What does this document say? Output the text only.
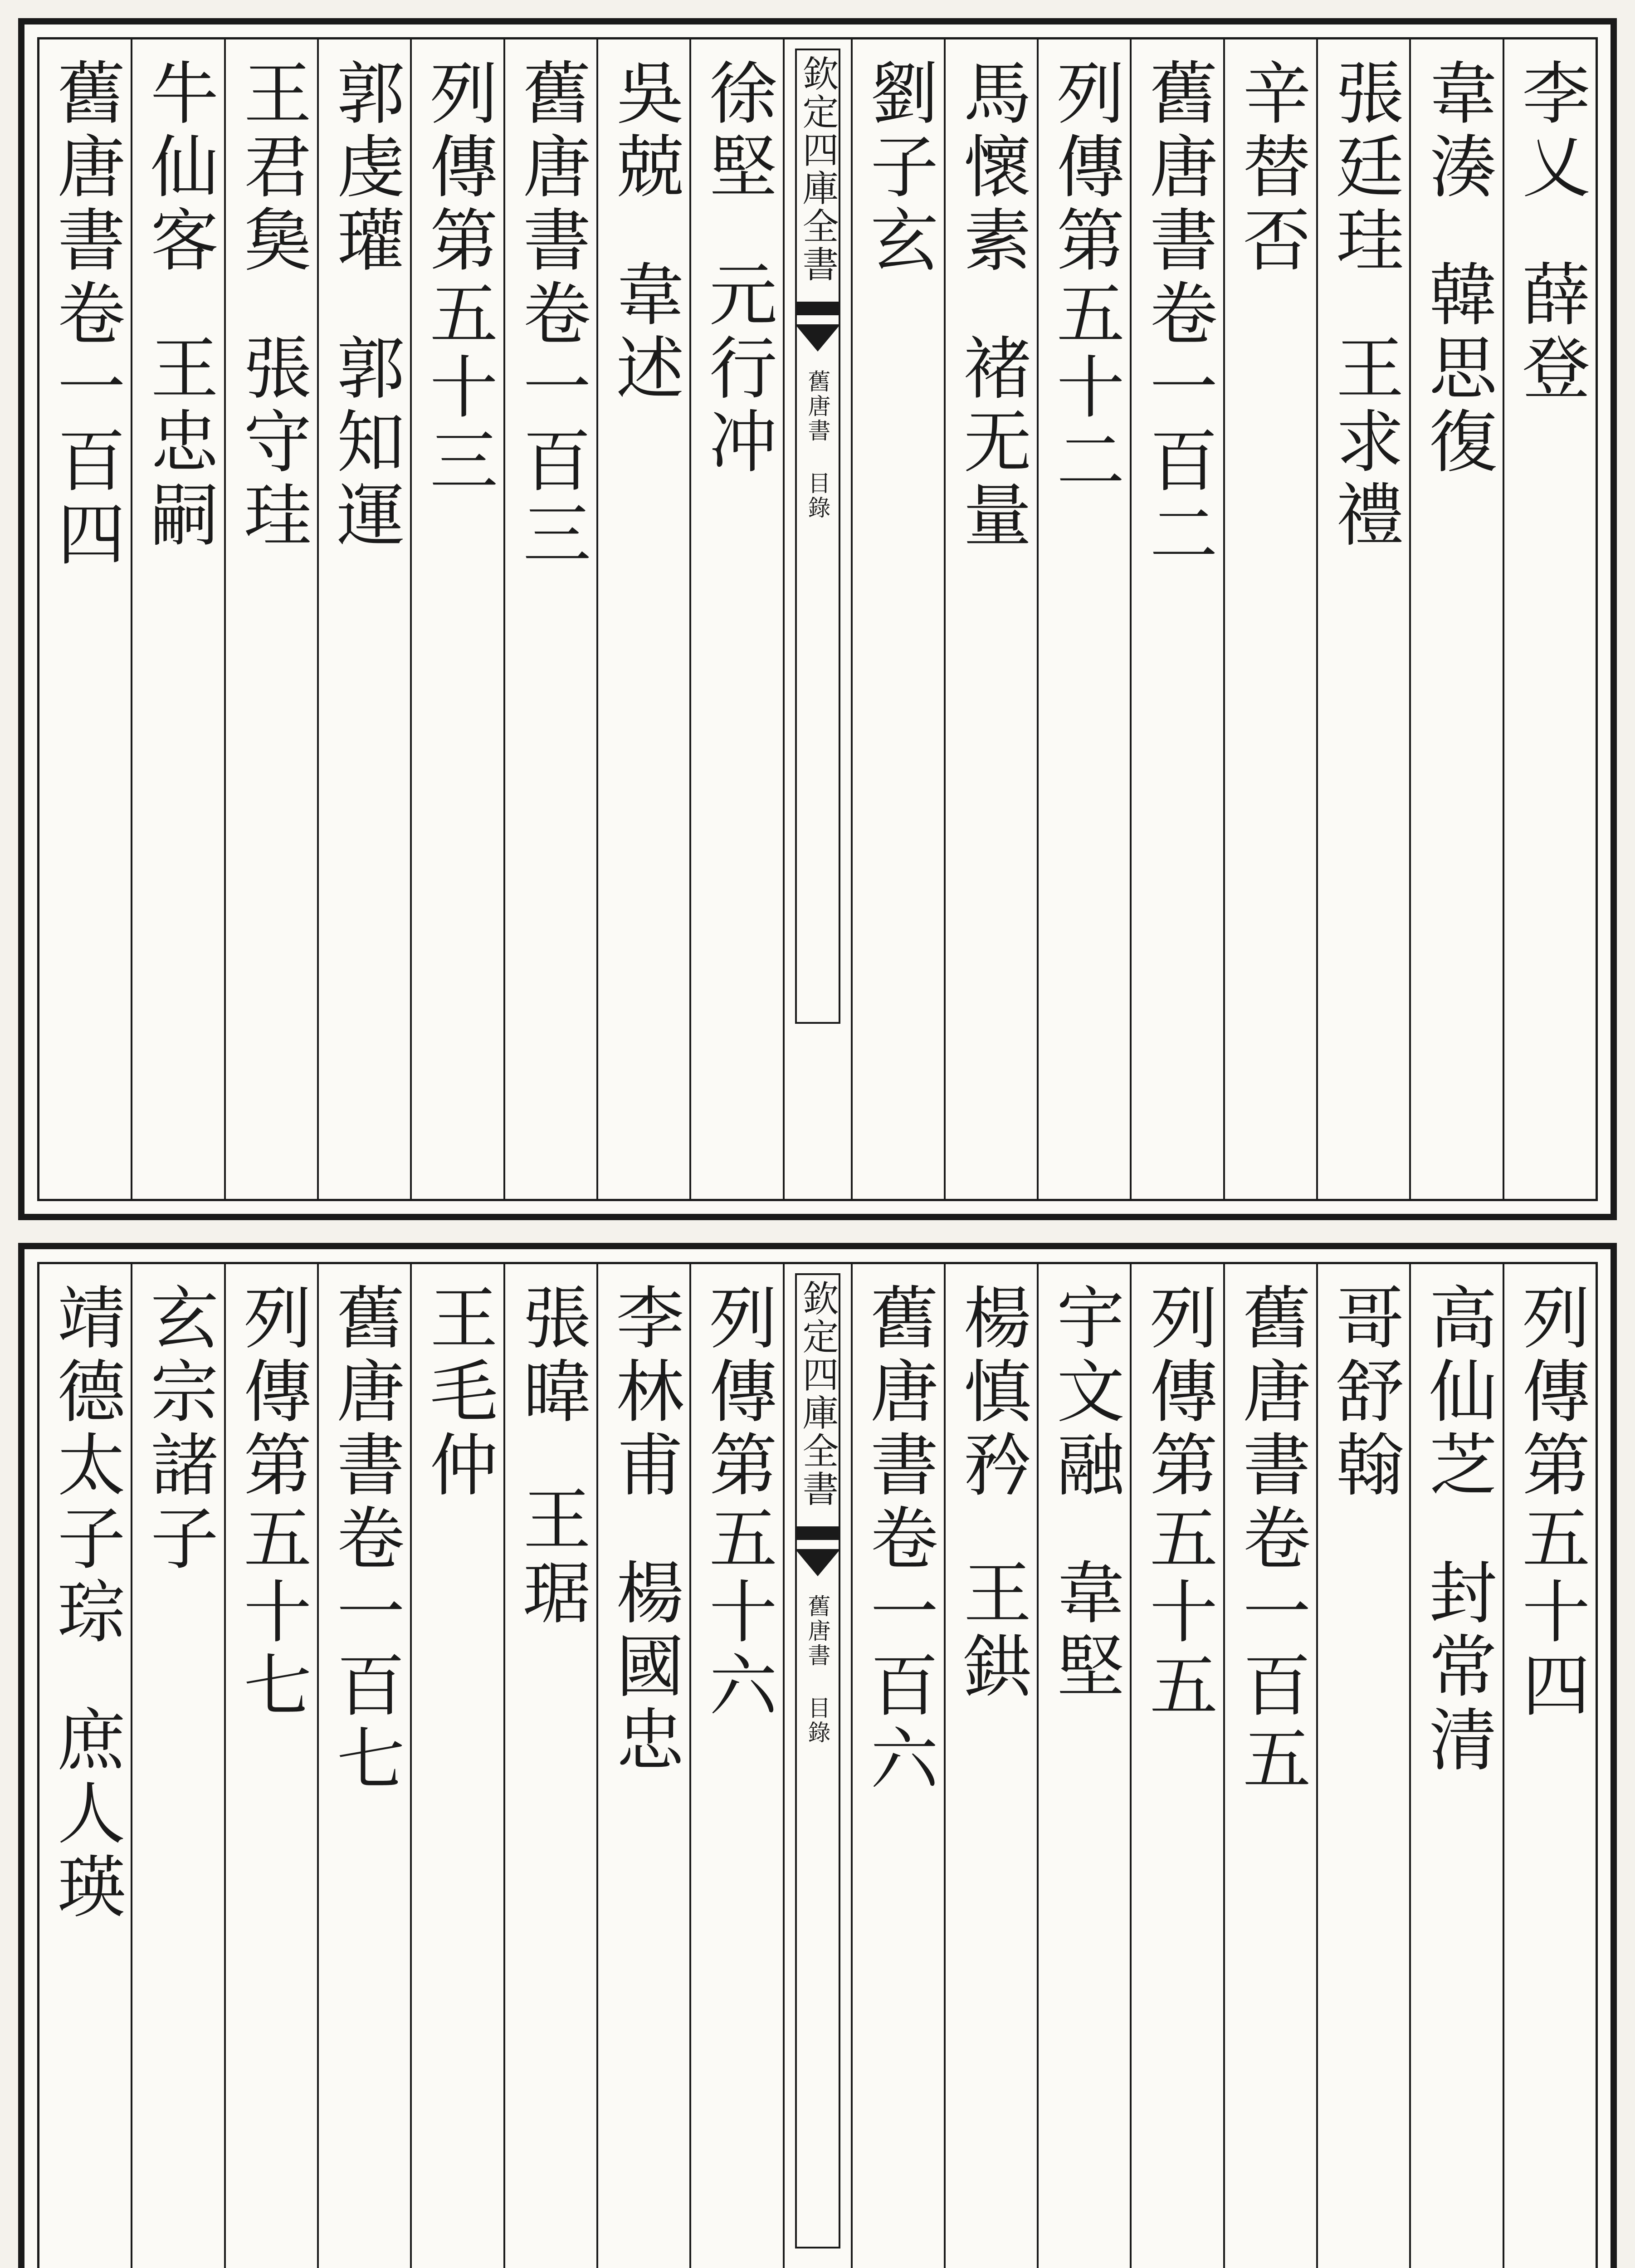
李乂
薛登
韋湊
韓思復
張廷珪
王求禮
辛替否
舊唐書卷一百二
列傳第五十二
馬懷素
褚无量
劉子玄
欽定四庫全書
舊唐書 目錄
徐堅
元行冲
吳兢
韋述
舊唐書卷一百三
列傳第五十三
郭虔瓘
郭知運
王君㚟
張守珪
牛仙客
王忠嗣
舊唐書卷一百四
列傳第五十四
高仙芝
封常清
哥舒翰
舊唐書卷一百五
列傳第五十五
宇文融
韋堅
楊慎矜
王鉷
舊唐書卷一百六
欽定四庫全書
舊唐書 目錄
列傳第五十六
李林甫
楊國忠
張暐
王琚
王毛仲
舊唐書卷一百七
列傳第五十七
玄宗諸子
靖德太子琮
庶人瑛
